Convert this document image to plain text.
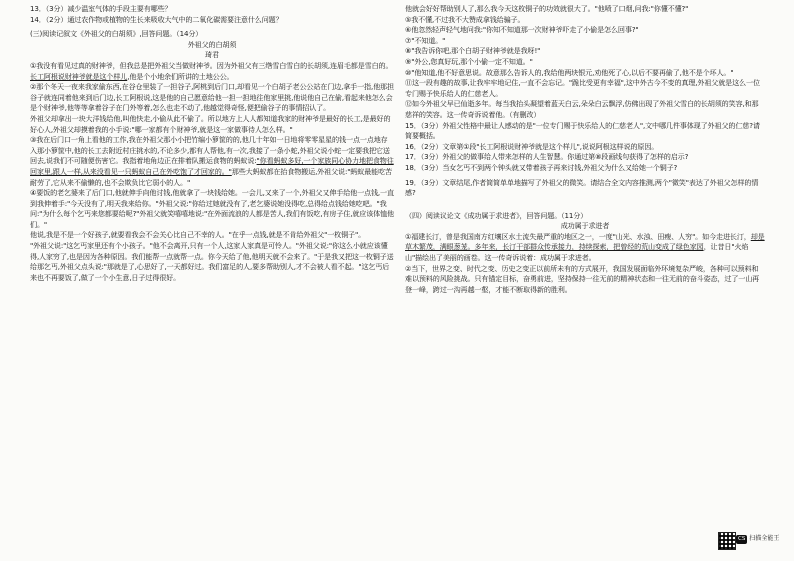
13．（3分）减少温室气体的手段主要有哪些？

14．（2分）通过农作物或植物的生长来吸收大气中的二氧化碳需要注意什么问题？

(三)阅读记叙文《外祖父的白胡须》,回答问题。（14分）

外祖父的白胡须

琦君

①我没有看见过真的财神爷，但我总是把外祖父当做财神爷。因为外祖父有三绺雪白雪白的长胡须,连眉毛都是雪白的。长工阿根说财神爷就是这个样儿,他是个小地余们所讲的土地公公。

②那个冬天一夜来我家偷东西,在谷仓里装了一担谷子,阿桃到后门口,却看见一个白胡子老公公站在门边,拿手一指,他那担谷子就连同着他来到后门边,长工阿根说,这是他的自己愿意给他一担一担地往他家里挑,他说他自己在偷,看起来他怎么会是个财神爷,他等等拿着谷子在门外等着,怎么也走不动了,他越觉得奇怪,便把偷谷子的事情招认了。

外祖父却拿出一块大洋钱给他,叫他快走,小偷从此不偷了。所以地方上人人都知道我家的财神爷是最好的长工,是最好的好心人,外祖父却摸着我的小手说:"哪一家都有个财神爷,就是这一家做事待人怎么样。"

③我在后门口一角上看他的工作,我在外祖父那小小把竹编小箩筐的的,他几十年如一日地将零零星星的钱一点一点地存入那小箩筐中,他的长工去附近村庄挑水的,不论多少,都有人帮他,有一次,我接了一条小蛇,外祖父说小蛇一定要我把它送回去,说我们不可随便伤害它。我指着地角边正在排着队搬运食物的蚂蚁说:"你看蚂蚁多好,一个家族同心协力地把食物往回家里,跟人一样,从来没看见一只蚂蚁自己在外吃饱了才回家的。"那些大蚂蚁都在抬食物搬运,外祖父说:"蚂蚁最能吃苦耐劳了,它从来不偷懒的,也不会欺负比它弱小的人。"

④要饭的老乞婆来了后门口,他就伸手向他讨钱,他就拿了一块钱给她。一会儿,又来了一个,外祖父又伸手给他一点钱,一直到我伸着手:"今天没有了,明天我来给你。"外祖父说:"你给过她就没有了,老乞婆说她没得吃,总得给点钱给她吃吧。"我问:"为什么每个乞丐来您都要给呢?"外祖父就笑嘻嘻地说:"在外面流浪的人都是苦人,我们有饭吃,有房子住,就应该体恤他们。"

他说,我是不是一个好孩子,就要看我会不会关心比自己不幸的人。"在乎一点钱,就是不肯给外祖父"一枚铜子"。

"外祖父说:"这乞丐家里还有个小孩子。"他不会离开,只有一个人,这家人家真是可怜人。"外祖父说:"你这么小就应该懂得,人家穷了,也是因为各种原因。我们能帮一点就帮一点。你今天给了他,他明天就不会来了。"于是我又把这一枚铜子送给那乞丐,外祖父点头说:"那就是了,心思好了,一天都好过。我们富足的人,要多帮助别人,才不会被人看不起。"这乞丐后来也不再要饭了,做了一个小生意,日子过得很好。

他就会好好帮助别人了,那么我今天这枚铜子的功效就很大了。"他喷了口烟,问我:"你懂不懂?"

⑤我不懂,不过我不大赞成拿钱给骗子。

⑥他忽然轻声轻气地问我:"你知不知道那一次财神爷吓走了小偷是怎么回事?"

⑦"不知道。"

⑧"我告诉你吧,那个白胡子财神爷就是我呀!"

⑨"外公,您真好玩,那个小偷一定不知道。"

⑩"他知道,他不好意思说。故意那么告诉人的,我给他两块银元,劝他死了心,以后不要再偷了,他不是个坏人。"

⑪这一段有趣的故事,让我牢牢地记住,一直不会忘记。"跪比受更有幸福",这中外古今不变的真理,外祖父就是这么一位专门赐予快乐给人的仁慈老人。

⑫如今外祖父早已仙逝多年。每当我抬头凝望着蓝天白云,朵朵白云飘浮,仿佛出现了外祖父雪白的长胡须的笑容,和那慈祥的笑容。这一传奇诉说着他。（有删改）

15．（3分）外祖父性格中最让人感动的是"一位专门赐于快乐给人的仁慈老人",文中哪几件事体现了外祖父的仁慈?请简要概括。

16．（2分）文章第①段"长工阿根说财神爷就是这个样儿",说说阿根这样说的原因。

17．（3分）外祖父的做事给人带来怎样的人生智慧。你通过第⑧段画线句获得了怎样的启示?

18．（3分）当女乞丐不到两个钟头就又带着孩子再来讨钱,外祖父为什么又给她一个铜子?

19．（3分）文章结尾,作者简简单单地描写了外祖父的微笑。请结合全文内容推测,两个"微笑"表达了外祖父怎样的情感?

（四）阅读议论文《成功属于求进者》，回答问题。（11分）

成功属于求进者

①福建长汀，曾是我国南方红壤区水土流失最严重的地区之一，一度"山光、水浊、田瘦、人穷"。如今走进长汀，却是草木繁茂，满眼葱茏。多年来，长汀干部群众传承接力，持续探索，把曾经的荒山变成了绿色家园，让昔日"火焰山"描绘出了美丽的画卷。这一传奇诉说着：成功属于求进者。

②当下，世界之变、时代之变、历史之变正以前所未有的方式展开，我国发展面临外环境复杂严峻，各种可以预料和难以预料的风险挑战。只有锚定目标，奋勇前进，坚持保持一往无前的精神状态和一往无前的奋斗姿态，过了一山再登一峰，跨过一沟再越一壑，才能不断取得新的胜利。

CS 扫描全能王
